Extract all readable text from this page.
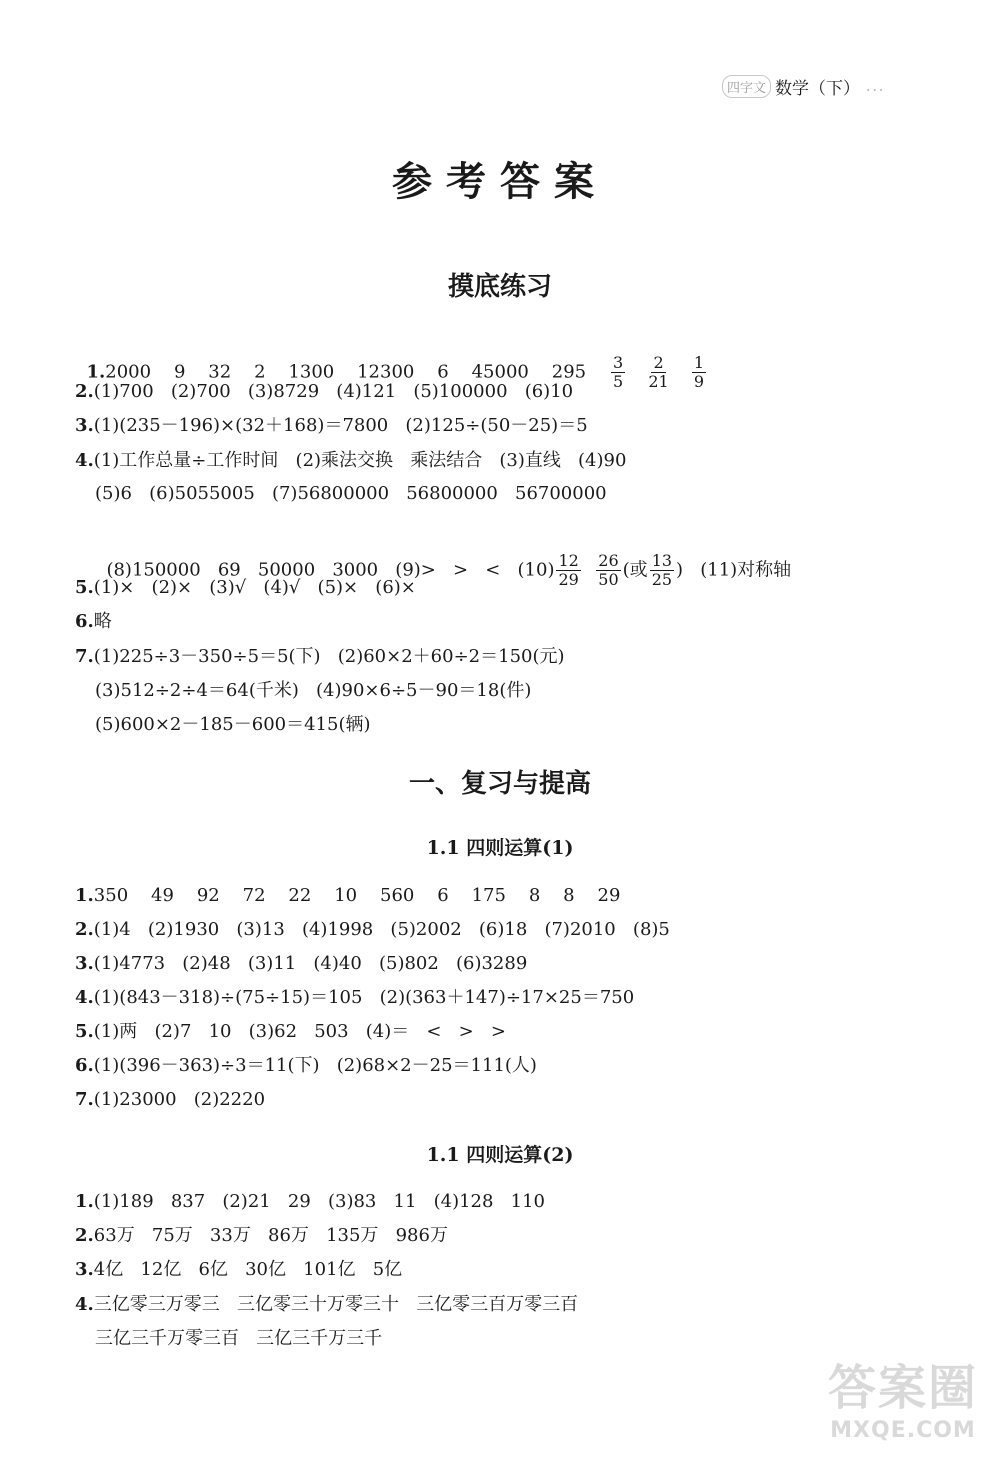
四字文 数学（下） ...
参考答案
摸底练习

1.2000    9    32    2    1300    12300    6    45000    $295 \frac{3}{5}$
$\frac{2}{21}$
$\frac{1}{9}$

2.(1)700   (2)700   (3)8729   (4)121   (5)100000   (6)10
3.(1)(235－196)×(32＋168)＝7800   (2)125÷(50－25)＝5
4.(1)工作总量÷工作时间   (2)乘法交换   乘法结合   (3)直线   (4)90
(5)6   (6)5055005   (7)56800000   56800000   56700000

(8)150000   69   50000   3000   (9)>   >   <   $(10) \frac{12}{29}$
$\frac{26}{50}$ (或 $\frac{13}{25}$ )   (11)对称轴

5.(1)×   (2)×   (3)√   (4)√   (5)×   (6)×
6.略
7.(1)225÷3－350÷5＝5(下)   (2)60×2＋60÷2＝150(元)
(3)512÷2÷4＝64(千米)   (4)90×6÷5－90＝18(件)
(5)600×2－185－600＝415(辆)
一、复习与提高
1.1 四则运算(1)
1.350    49    92    72    22    10    560    6    175    8    8    29
2.(1)4   (2)1930   (3)13   (4)1998   (5)2002   (6)18   (7)2010   (8)5
3.(1)4773   (2)48   (3)11   (4)40   (5)802   (6)3289
4.(1)(843－318)÷(75÷15)＝105   (2)(363＋147)÷17×25＝750
5.(1)两   (2)7   10   (3)62   503   (4)＝   <   >   >
6.(1)(396－363)÷3＝11(下)   (2)68×2－25＝111(人)
7.(1)23000   (2)2220
1.1 四则运算(2)
1.(1)189   837   (2)21   29   (3)83   11   (4)128   110
2.63万   75万   33万   86万   135万   986万
3.4亿   12亿   6亿   30亿   101亿   5亿
4.三亿零三万零三   三亿零三十万零三十   三亿零三百万零三百
三亿三千万零三百   三亿三千万三千
答案圈
MXQE.COM
